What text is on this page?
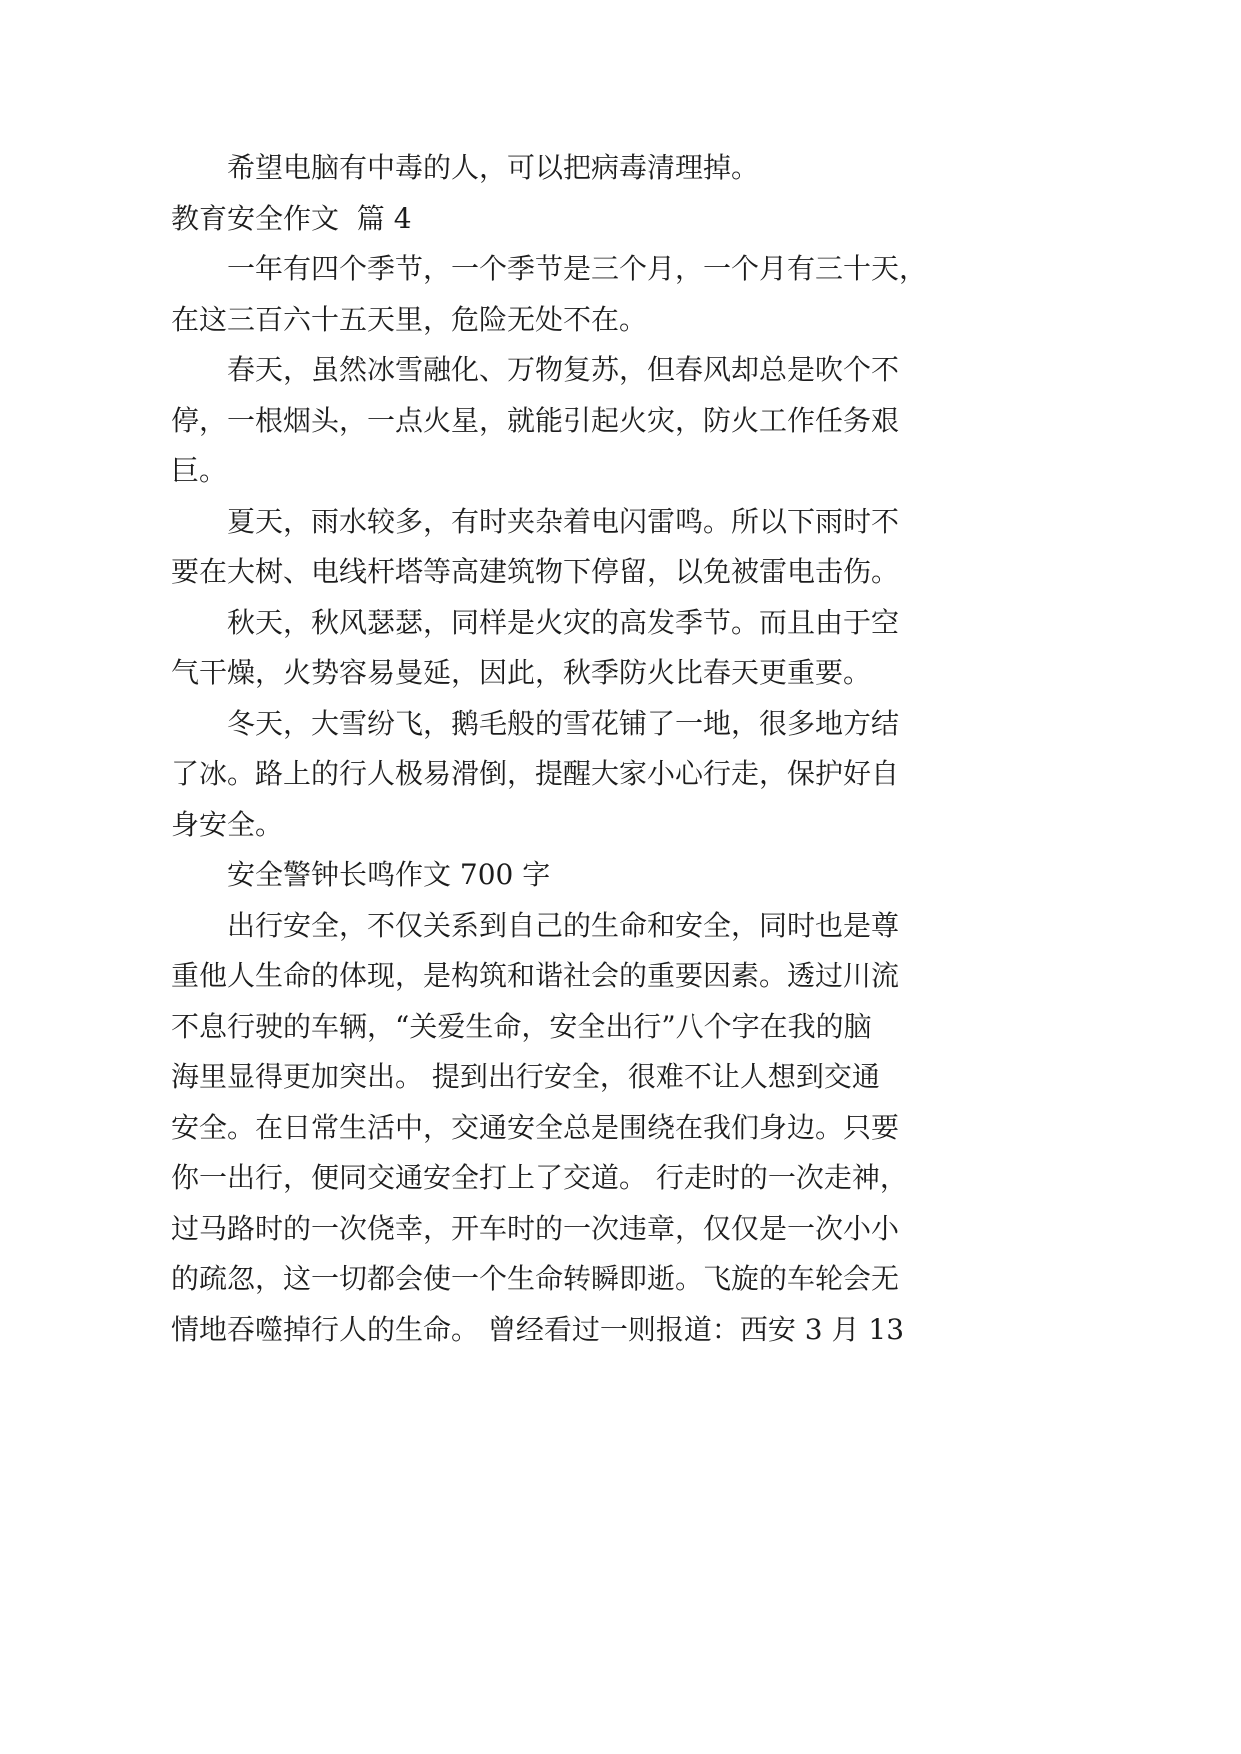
希望电脑有中毒的人，可以把病毒清理掉。

教育安全作文  篇 4

一年有四个季节，一个季节是三个月，一个月有三十天，
在这三百六十五天里，危险无处不在。

春天，虽然冰雪融化、万物复苏，但春风却总是吹个不
停，一根烟头，一点火星，就能引起火灾，防火工作任务艰
巨。

夏天，雨水较多，有时夹杂着电闪雷鸣。所以下雨时不
要在大树、电线杆塔等高建筑物下停留，以免被雷电击伤。

秋天，秋风瑟瑟，同样是火灾的高发季节。而且由于空
气干燥，火势容易曼延，因此，秋季防火比春天更重要。

冬天，大雪纷飞，鹅毛般的雪花铺了一地，很多地方结
了冰。路上的行人极易滑倒，提醒大家小心行走，保护好自
身安全。

安全警钟长鸣作文 700 字

出行安全，不仅关系到自己的生命和安全，同时也是尊
重他人生命的体现，是构筑和谐社会的重要因素。透过川流
不息行驶的车辆，“关爱生命，安全出行”八个字在我的脑
海里显得更加突出。 提到出行安全，很难不让人想到交通
安全。在日常生活中，交通安全总是围绕在我们身边。只要
你一出行，便同交通安全打上了交道。 行走时的一次走神，
过马路时的一次侥幸，开车时的一次违章，仅仅是一次小小
的疏忽，这一切都会使一个生命转瞬即逝。飞旋的车轮会无
情地吞噬掉行人的生命。 曾经看过一则报道：西安 3 月 13
